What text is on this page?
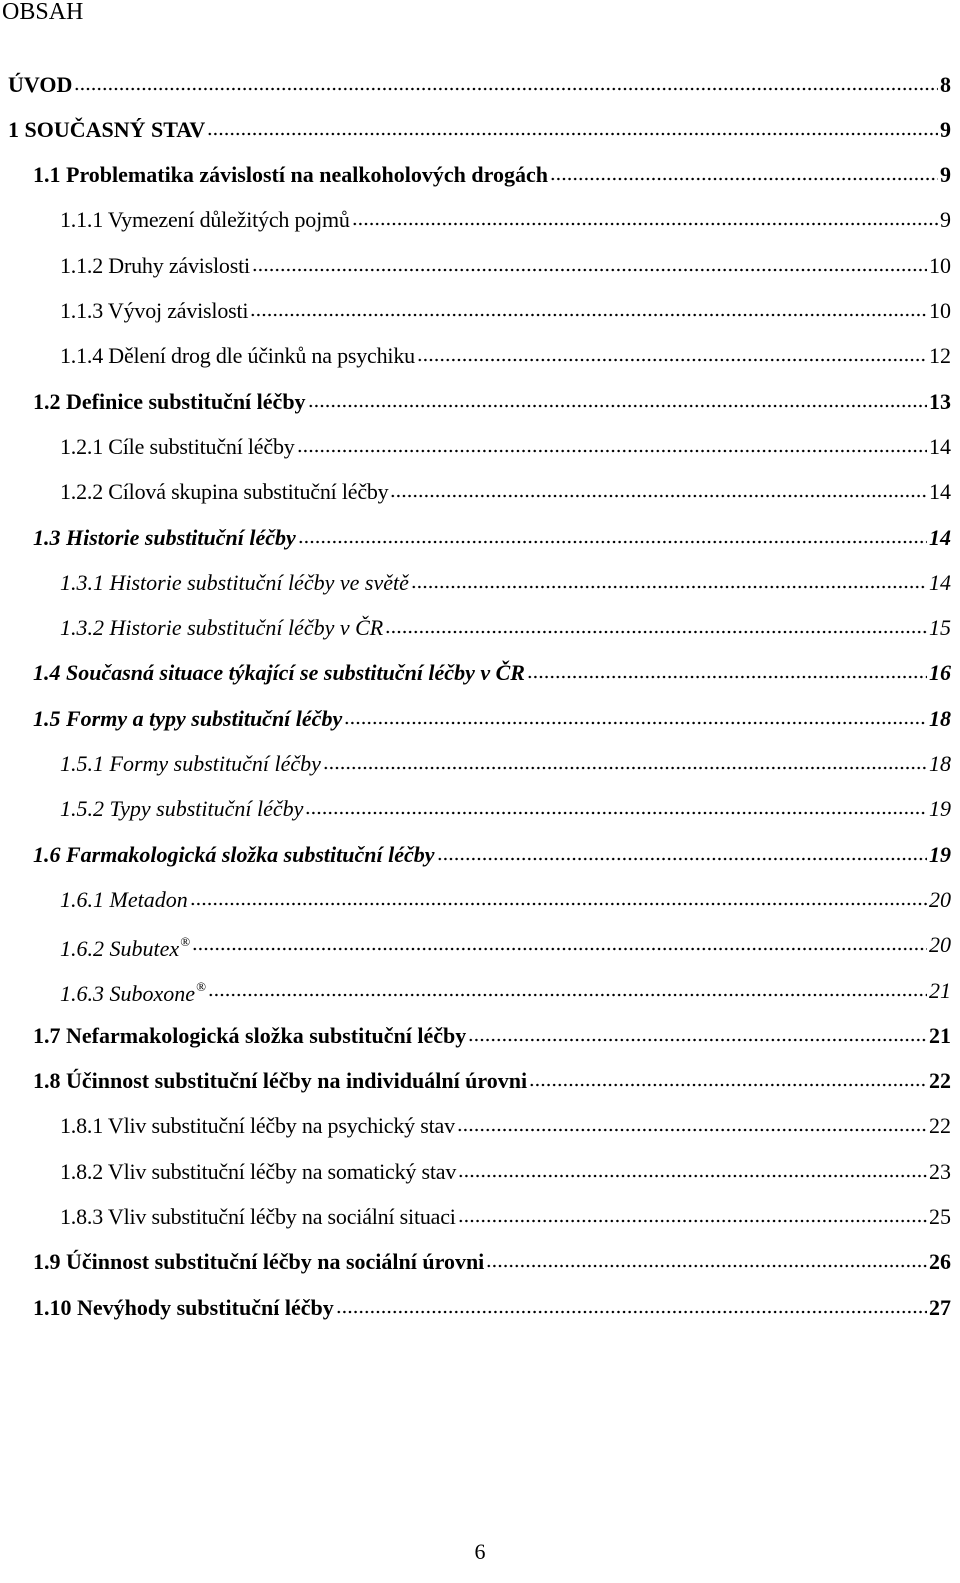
OBSAH
ÚVOD	8
1 SOUČASNÝ STAV	9
1.1 Problematika závislostí na nealkoholových drogách	9
1.1.1 Vymezení důležitých pojmů	9
1.1.2 Druhy závislosti	10
1.1.3 Vývoj závislosti	10
1.1.4 Dělení drog dle účinků na psychiku	12
1.2 Definice substituční léčby	13
1.2.1 Cíle substituční léčby	14
1.2.2 Cílová skupina substituční léčby	14
1.3 Historie substituční léčby	14
1.3.1 Historie substituční léčby ve světě	14
1.3.2 Historie substituční léčby v ČR	15
1.4 Současná situace týkající se substituční léčby v ČR	16
1.5 Formy a typy substituční léčby	18
1.5.1 Formy substituční léčby	18
1.5.2 Typy substituční léčby	19
1.6 Farmakologická složka substituční léčby	19
1.6.1 Metadon	20
1.6.2 Subutex®	20
1.6.3 Suboxone®	21
1.7 Nefarmakologická složka substituční léčby	21
1.8 Účinnost substituční léčby na individuální úrovni	22
1.8.1 Vliv substituční léčby na psychický stav	22
1.8.2 Vliv substituční léčby na somatický stav	23
1.8.3 Vliv substituční léčby na sociální situaci	25
1.9 Účinnost substituční léčby na sociální úrovni	26
1.10 Nevýhody substituční léčby	27
6
